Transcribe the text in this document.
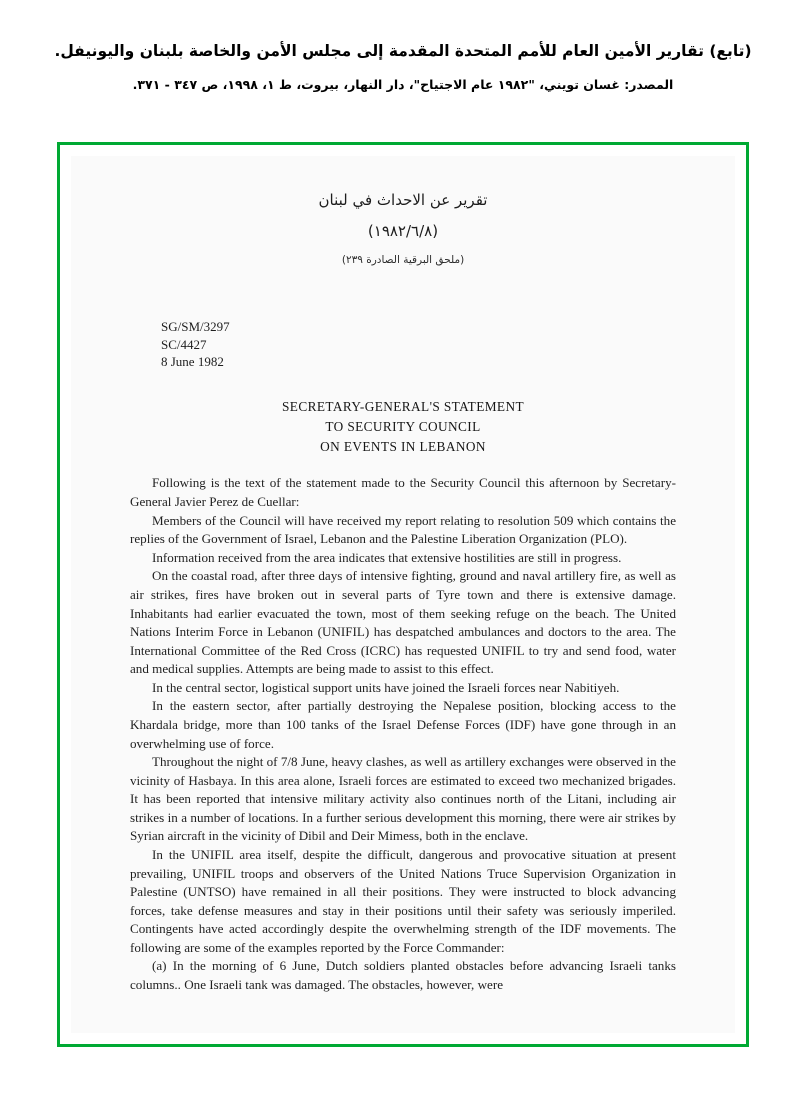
(تابع) تقارير الأمين العام للأمم المتحدة المقدمة إلى مجلس الأمن والخاصة بلبنان واليونيفل.
المصدر: غسان تويني، "١٩٨٢ عام الاجتياح"، دار النهار، بيروت، ط ١، ١٩٩٨، ص ٣٤٧ - ٣٧١.
تقرير عن الاحداث في لبنان
(١٩٨٢/٦/٨)
(ملحق البرقية الصادرة ٢٣٩)
SG/SM/3297
SC/4427
8 June 1982
SECRETARY-GENERAL'S STATEMENT
TO SECURITY COUNCIL
ON EVENTS IN LEBANON

Following is the text of the statement made to the Security Council this afternoon by Secretary-General Javier Perez de Cuellar:

Members of the Council will have received my report relating to resolution 509 which contains the replies of the Government of Israel, Lebanon and the Palestine Liberation Organization (PLO).

Information received from the area indicates that extensive hostilities are still in progress.

On the coastal road, after three days of intensive fighting, ground and naval artillery fire, as well as air strikes, fires have broken out in several parts of Tyre town and there is extensive damage. Inhabitants had earlier evacuated the town, most of them seeking refuge on the beach. The United Nations Interim Force in Lebanon (UNIFIL) has despatched ambulances and doctors to the area. The International Committee of the Red Cross (ICRC) has requested UNIFIL to try and send food, water and medical supplies. Attempts are being made to assist to this effect.

In the central sector, logistical support units have joined the Israeli forces near Nabitiyeh.

In the eastern sector, after partially destroying the Nepalese position, blocking access to the Khardala bridge, more than 100 tanks of the Israel Defense Forces (IDF) have gone through in an overwhelming use of force.

Throughout the night of 7/8 June, heavy clashes, as well as artillery exchanges were observed in the vicinity of Hasbaya. In this area alone, Israeli forces are estimated to exceed two mechanized brigades. It has been reported that intensive military activity also continues north of the Litani, including air strikes in a number of locations. In a further serious development this morning, there were air strikes by Syrian aircraft in the vicinity of Dibil and Deir Mimess, both in the enclave.

In the UNIFIL area itself, despite the difficult, dangerous and provocative situation at present prevailing, UNIFIL troops and observers of the United Nations Truce Supervision Organization in Palestine (UNTSO) have remained in all their positions. They were instructed to block advancing forces, take defense measures and stay in their positions until their safety was seriously imperiled. Contingents have acted accordingly despite the overwhelming strength of the IDF movements. The following are some of the examples reported by the Force Commander:

(a) In the morning of 6 June, Dutch soldiers planted obstacles before advancing Israeli tanks columns.. One Israeli tank was damaged. The obstacles, however, were
